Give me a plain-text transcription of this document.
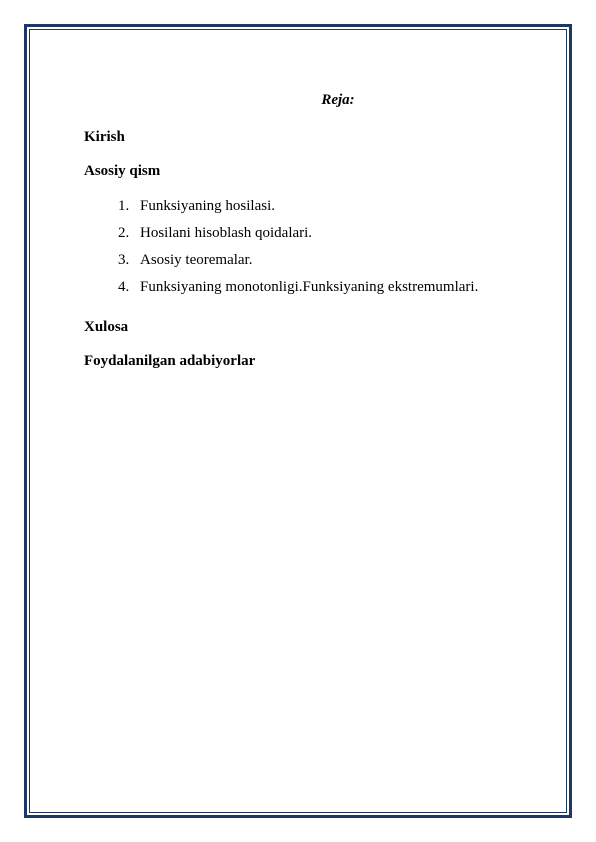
Reja:
Kirish
Asosiy qism
1. Funksiyaning hosilasi.
2. Hosilani hisoblash qoidalari.
3. Asosiy teoremalar.
4. Funksiyaning monotonligi.Funksiyaning ekstremumlari.
Xulosa
Foydalanilgan adabiyorlar
